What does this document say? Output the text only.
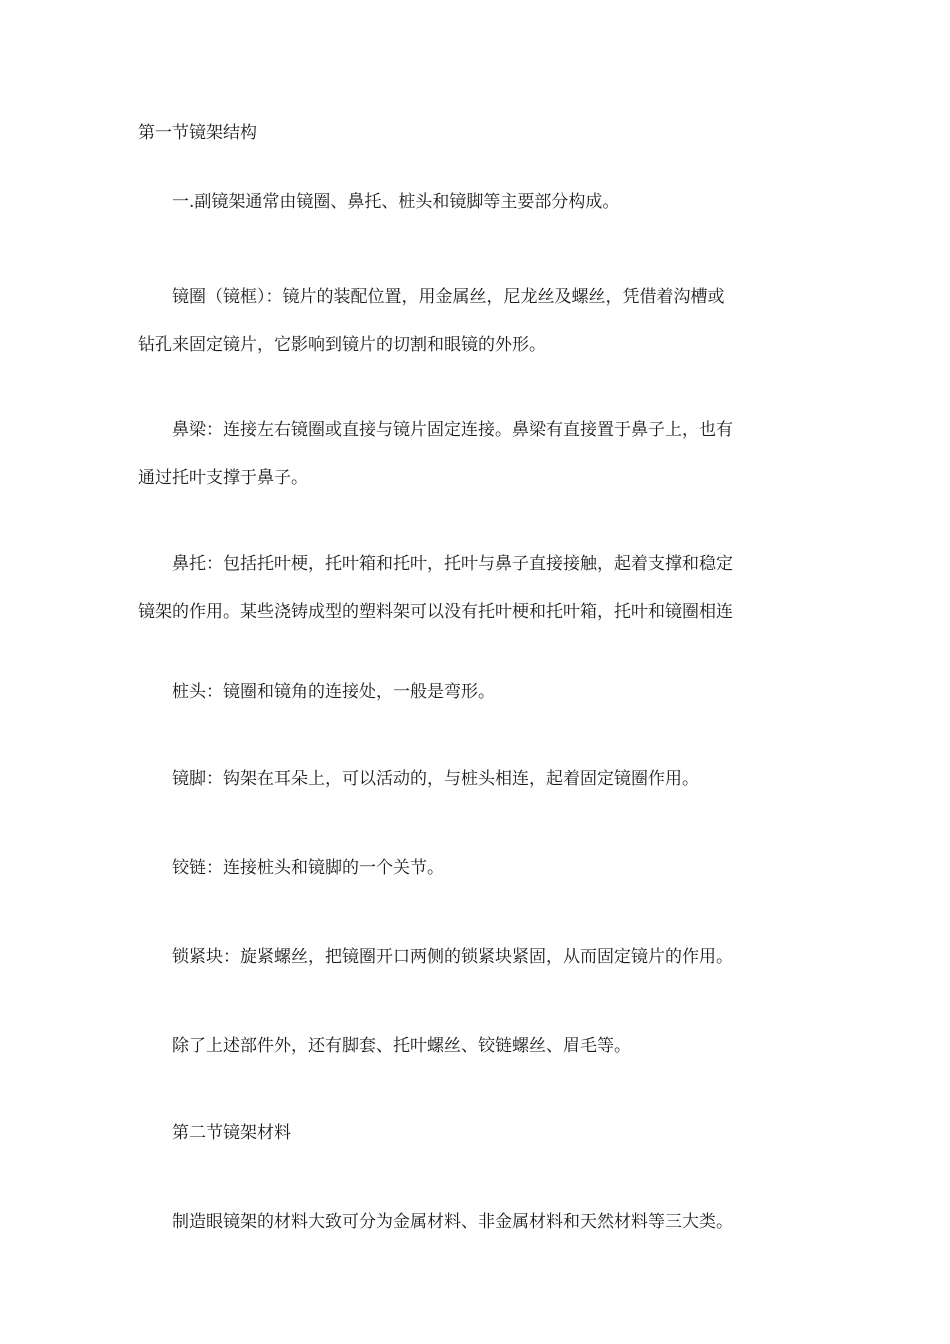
第一节镜架结构

一.副镜架通常由镜圈、鼻托、桩头和镜脚等主要部分构成。

镜圈（镜框）：镜片的装配位置，用金属丝，尼龙丝及螺丝，凭借着沟槽或
钻孔来固定镜片，它影响到镜片的切割和眼镜的外形。

鼻梁：连接左右镜圈或直接与镜片固定连接。鼻梁有直接置于鼻子上，也有
通过托叶支撑于鼻子。

鼻托：包括托叶梗，托叶箱和托叶，托叶与鼻子直接接触，起着支撑和稳定
镜架的作用。某些浇铸成型的塑料架可以没有托叶梗和托叶箱，托叶和镜圈相连

桩头：镜圈和镜角的连接处，一般是弯形。

镜脚：钩架在耳朵上，可以活动的，与桩头相连，起着固定镜圈作用。

铰链：连接桩头和镜脚的一个关节。

锁紧块：旋紧螺丝，把镜圈开口两侧的锁紧块紧固，从而固定镜片的作用。

除了上述部件外，还有脚套、托叶螺丝、铰链螺丝、眉毛等。

第二节镜架材料

制造眼镜架的材料大致可分为金属材料、非金属材料和天然材料等三大类。
